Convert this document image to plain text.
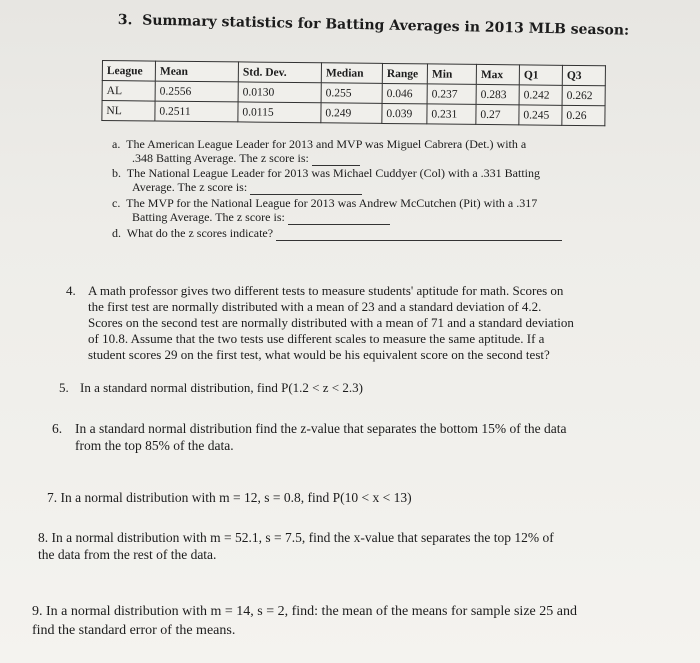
3. Summary statistics for Batting Averages in 2013 MLB season:
League	Mean	Std. Dev.	Median	Range	Min	Max	Q1	Q3
AL	0.2556	0.0130	0.255	0.046	0.237	0.283	0.242	0.262
NL	0.2511	0.0115	0.249	0.039	0.231	0.27	0.245	0.26
a. The American League Leader for 2013 and MVP was Miguel Cabrera (Det.) with a
.348 Batting Average. The z score is:
b. The National League Leader for 2013 was Michael Cuddyer (Col) with a .331 Batting
Average. The z score is:
c. The MVP for the National League for 2013 was Andrew McCutchen (Pit) with a .317
Batting Average. The z score is:
d. What do the z scores indicate?
4. A math professor gives two different tests to measure students' aptitude for math. Scores on
the first test are normally distributed with a mean of 23 and a standard deviation of 4.2.
Scores on the second test are normally distributed with a mean of 71 and a standard deviation
of 10.8. Assume that the two tests use different scales to measure the same aptitude. If a
student scores 29 on the first test, what would be his equivalent score on the second test?
5. In a standard normal distribution, find P(1.2 < z < 2.3)
6. In a standard normal distribution find the z-value that separates the bottom 15% of the data
from the top 85% of the data.
7. In a normal distribution with m = 12, s = 0.8, find P(10 < x < 13)
8. In a normal distribution with m = 52.1, s = 7.5, find the x-value that separates the top 12% of
the data from the rest of the data.
9. In a normal distribution with m = 14, s = 2, find: the mean of the means for sample size 25 and
find the standard error of the means.
